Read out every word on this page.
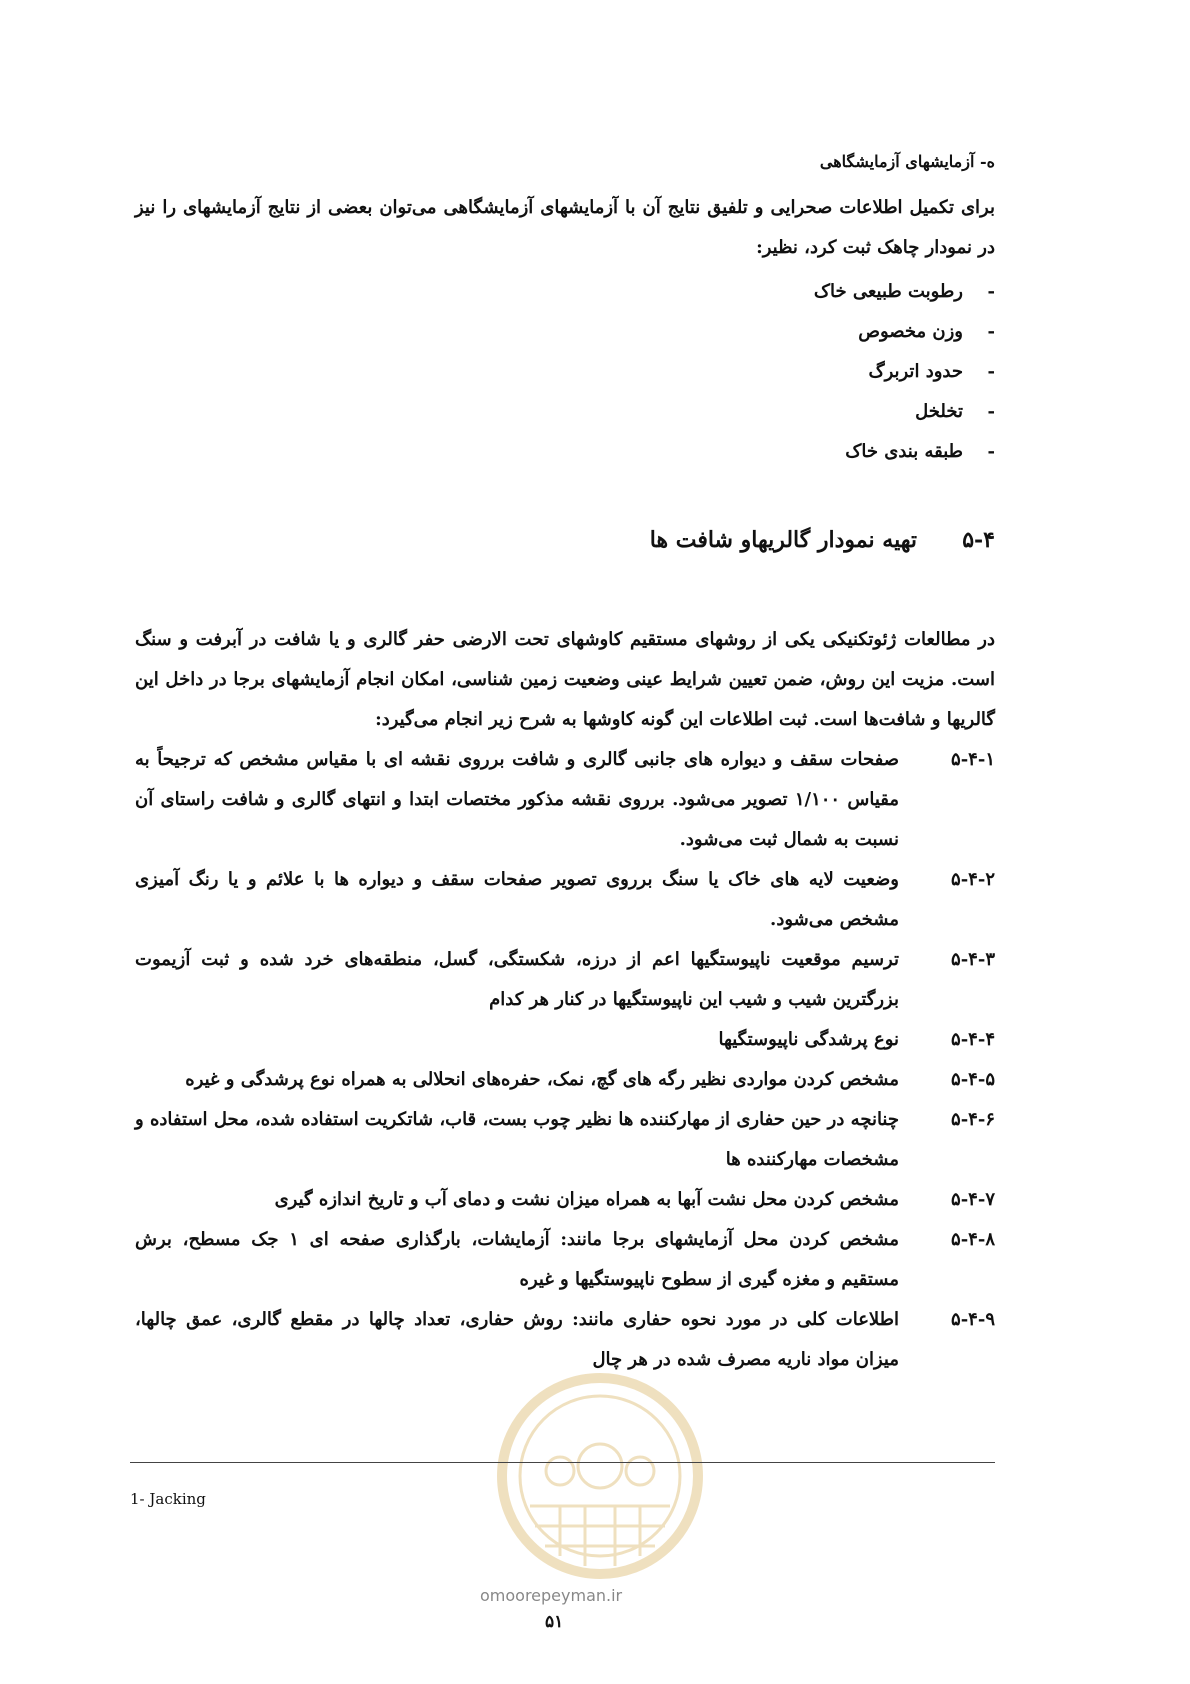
ه- آزمایشهای آزمایشگاهی
برای تکمیل اطلاعات صحرایی و تلفیق نتایج آن با آزمایشهای آزمایشگاهی می‌توان بعضی از نتایج آزمایشهای را نیز در نمودار چاهک ثبت کرد، نظیر:
-رطوبت طبیعی خاک
-وزن مخصوص
-حدود اتربرگ
-تخلخل
-طبقه بندی خاک
۵-۴تهیه نمودار گالریهاو شافت ها
در مطالعات ژئوتکنیکی یکی از روشهای مستقیم کاوشهای تحت الارضی حفر گالری و یا شافت در آبرفت و سنگ است. مزیت این روش، ضمن تعیین شرایط عینی وضعیت زمین شناسی، امکان انجام آزمایشهای برجا در داخل این گالریها و شافت‌ها است. ثبت اطلاعات این گونه کاوشها به شرح زیر انجام می‌گیرد:
۵-۴-۱
صفحات سقف و دیواره های جانبی گالری و شافت برروی نقشه ای با مقیاس مشخص که ترجیحاً به مقیاس ۱/۱۰۰ تصویر می‌شود. برروی نقشه مذکور مختصات ابتدا و انتهای گالری و شافت راستای آن نسبت به شمال ثبت می‌شود.
۵-۴-۲
وضعیت لایه های خاک یا سنگ برروی تصویر صفحات سقف و دیواره ها با علائم و یا رنگ آمیزی مشخص می‌شود.
۵-۴-۳
ترسیم موقعیت ناپیوستگیها اعم از درزه، شکستگی، گسل، منطقه‌های خرد شده و ثبت آزیموت بزرگترین شیب و شیب این ناپیوستگیها در کنار هر کدام
۵-۴-۴
نوع پرشدگی ناپیوستگیها
۵-۴-۵
مشخص کردن مواردی نظیر رگه های گچ، نمک، حفره‌های انحلالی به همراه نوع پرشدگی و غیره
۵-۴-۶
چنانچه در حین حفاری از مهارکننده ها نظیر چوب بست، قاب، شاتکریت استفاده شده، محل استفاده و مشخصات مهارکننده ها
۵-۴-۷
مشخص کردن محل نشت آبها به همراه میزان نشت و دمای آب و تاریخ اندازه گیری
۵-۴-۸
مشخص کردن محل آزمایشهای برجا مانند: آزمایشات، بارگذاری صفحه ای ۱ جک مسطح، برش مستقیم و مغزه گیری از سطوح ناپیوستگیها و غیره
۵-۴-۹
اطلاعات کلی در مورد نحوه حفاری مانند: روش حفاری، تعداد چالها در مقطع گالری، عمق چالها، میزان مواد ناریه مصرف شده در هر چال
omoorepeyman.ir
1- Jacking
۵۱
